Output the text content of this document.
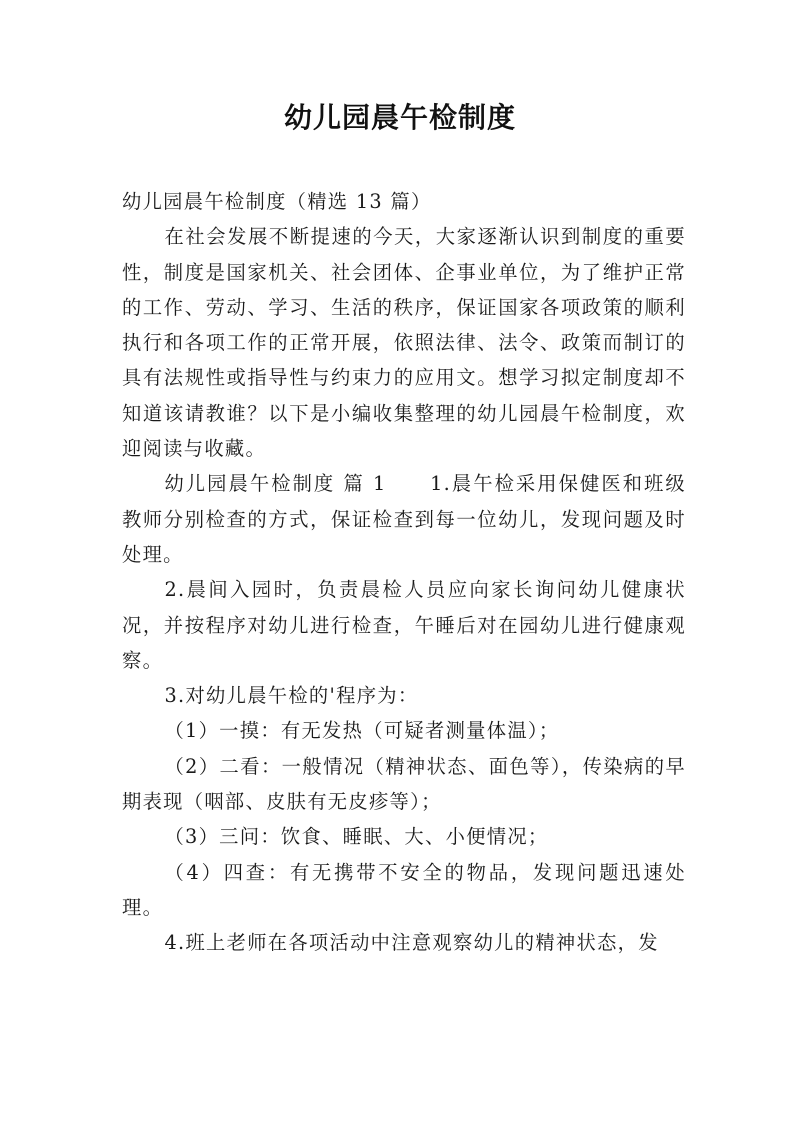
幼儿园晨午检制度

幼儿园晨午检制度（精选 13 篇）

在社会发展不断提速的今天，大家逐渐认识到制度的重要性，制度是国家机关、社会团体、企事业单位，为了维护正常的工作、劳动、学习、生活的秩序，保证国家各项政策的顺利执行和各项工作的正常开展，依照法律、法令、政策而制订的具有法规性或指导性与约束力的应用文。想学习拟定制度却不知道该请教谁？以下是小编收集整理的幼儿园晨午检制度，欢迎阅读与收藏。

幼儿园晨午检制度 篇 1　　1.晨午检采用保健医和班级教师分别检查的方式，保证检查到每一位幼儿，发现问题及时处理。

2.晨间入园时，负责晨检人员应向家长询问幼儿健康状况，并按程序对幼儿进行检查，午睡后对在园幼儿进行健康观察。

3.对幼儿晨午检的'程序为：

（1）一摸：有无发热（可疑者测量体温）；

（2）二看：一般情况（精神状态、面色等），传染病的早期表现（咽部、皮肤有无皮疹等）；

（3）三问：饮食、睡眠、大、小便情况；

（4）四查：有无携带不安全的物品，发现问题迅速处理。

4.班上老师在各项活动中注意观察幼儿的精神状态，发
